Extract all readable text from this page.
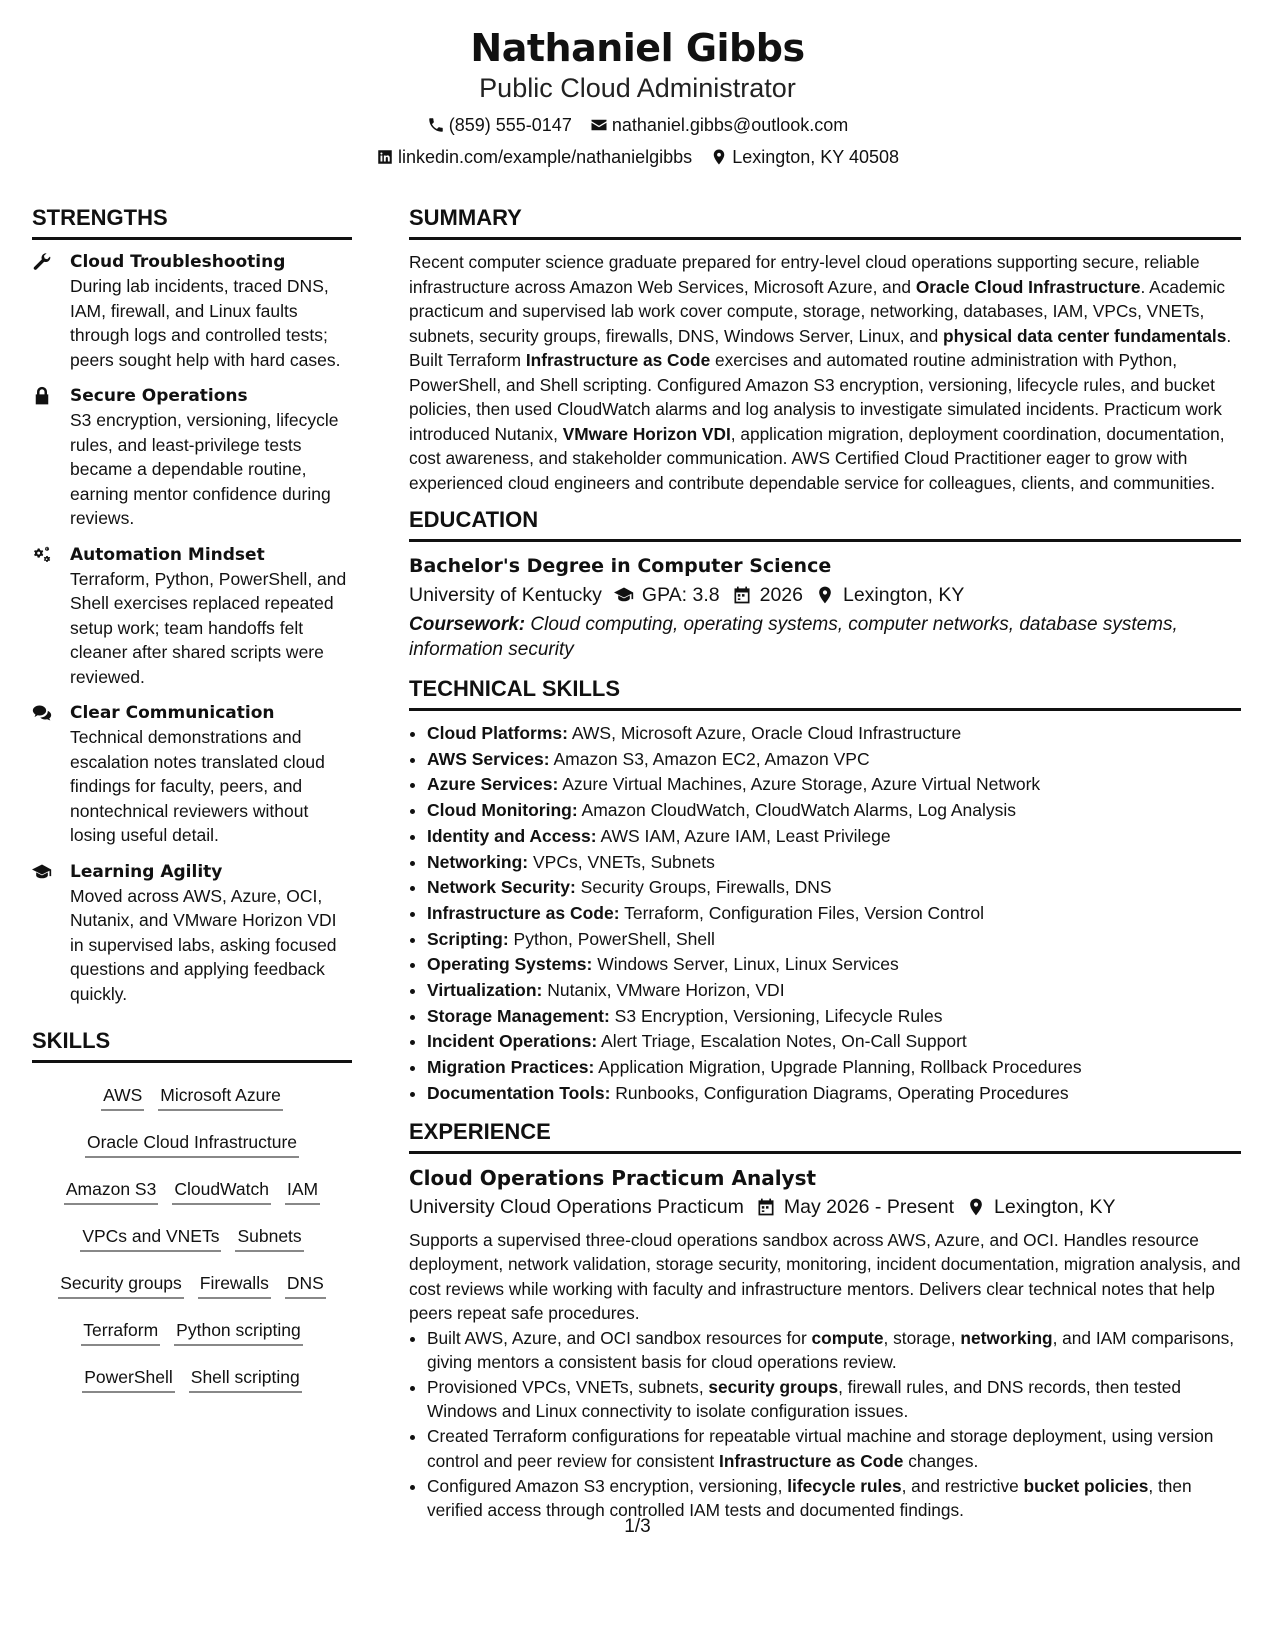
Nathaniel Gibbs
Public Cloud Administrator
(859) 555-0147 nathaniel.gibbs@outlook.com
linkedin.com/example/nathanielgibbs Lexington, KY 40508
STRENGTHS
Cloud Troubleshooting
During lab incidents, traced DNS, IAM, firewall, and Linux faults through logs and controlled tests; peers sought help with hard cases.
Secure Operations
S3 encryption, versioning, lifecycle rules, and least-privilege tests became a dependable routine, earning mentor confidence during reviews.
Automation Mindset
Terraform, Python, PowerShell, and Shell exercises replaced repeated setup work; team handoffs felt cleaner after shared scripts were reviewed.
Clear Communication
Technical demonstrations and escalation notes translated cloud findings for faculty, peers, and nontechnical reviewers without losing useful detail.
Learning Agility
Moved across AWS, Azure, OCI, Nutanix, and VMware Horizon VDI in supervised labs, asking focused questions and applying feedback quickly.
SKILLS
AWS Microsoft Azure
Oracle Cloud Infrastructure
Amazon S3 CloudWatch IAM
VPCs and VNETs Subnets
Security groups Firewalls DNS
Terraform Python scripting
PowerShell Shell scripting
SUMMARY
Recent computer science graduate prepared for entry-level cloud operations supporting secure, reliable infrastructure across Amazon Web Services, Microsoft Azure, and Oracle Cloud Infrastructure. Academic practicum and supervised lab work cover compute, storage, networking, databases, IAM, VPCs, VNETs, subnets, security groups, firewalls, DNS, Windows Server, Linux, and physical data center fundamentals. Built Terraform Infrastructure as Code exercises and automated routine administration with Python, PowerShell, and Shell scripting. Configured Amazon S3 encryption, versioning, lifecycle rules, and bucket policies, then used CloudWatch alarms and log analysis to investigate simulated incidents. Practicum work introduced Nutanix, VMware Horizon VDI, application migration, deployment coordination, documentation, cost awareness, and stakeholder communication. AWS Certified Cloud Practitioner eager to grow with experienced cloud engineers and contribute dependable service for colleagues, clients, and communities.
EDUCATION
Bachelor's Degree in Computer Science
University of Kentucky GPA: 3.8 2026 Lexington, KY
Coursework: Cloud computing, operating systems, computer networks, database systems, information security
TECHNICAL SKILLS
• Cloud Platforms: AWS, Microsoft Azure, Oracle Cloud Infrastructure
• AWS Services: Amazon S3, Amazon EC2, Amazon VPC
• Azure Services: Azure Virtual Machines, Azure Storage, Azure Virtual Network
• Cloud Monitoring: Amazon CloudWatch, CloudWatch Alarms, Log Analysis
• Identity and Access: AWS IAM, Azure IAM, Least Privilege
• Networking: VPCs, VNETs, Subnets
• Network Security: Security Groups, Firewalls, DNS
• Infrastructure as Code: Terraform, Configuration Files, Version Control
• Scripting: Python, PowerShell, Shell
• Operating Systems: Windows Server, Linux, Linux Services
• Virtualization: Nutanix, VMware Horizon, VDI
• Storage Management: S3 Encryption, Versioning, Lifecycle Rules
• Incident Operations: Alert Triage, Escalation Notes, On-Call Support
• Migration Practices: Application Migration, Upgrade Planning, Rollback Procedures
• Documentation Tools: Runbooks, Configuration Diagrams, Operating Procedures
EXPERIENCE
Cloud Operations Practicum Analyst
University Cloud Operations Practicum May 2026 - Present Lexington, KY
Supports a supervised three-cloud operations sandbox across AWS, Azure, and OCI. Handles resource deployment, network validation, storage security, monitoring, incident documentation, migration analysis, and cost reviews while working with faculty and infrastructure mentors. Delivers clear technical notes that help peers repeat safe procedures.
• Built AWS, Azure, and OCI sandbox resources for compute, storage, networking, and IAM comparisons, giving mentors a consistent basis for cloud operations review.
• Provisioned VPCs, VNETs, subnets, security groups, firewall rules, and DNS records, then tested Windows and Linux connectivity to isolate configuration issues.
• Created Terraform configurations for repeatable virtual machine and storage deployment, using version control and peer review for consistent Infrastructure as Code changes.
• Configured Amazon S3 encryption, versioning, lifecycle rules, and restrictive bucket policies, then verified access through controlled IAM tests and documented findings.
1/3
